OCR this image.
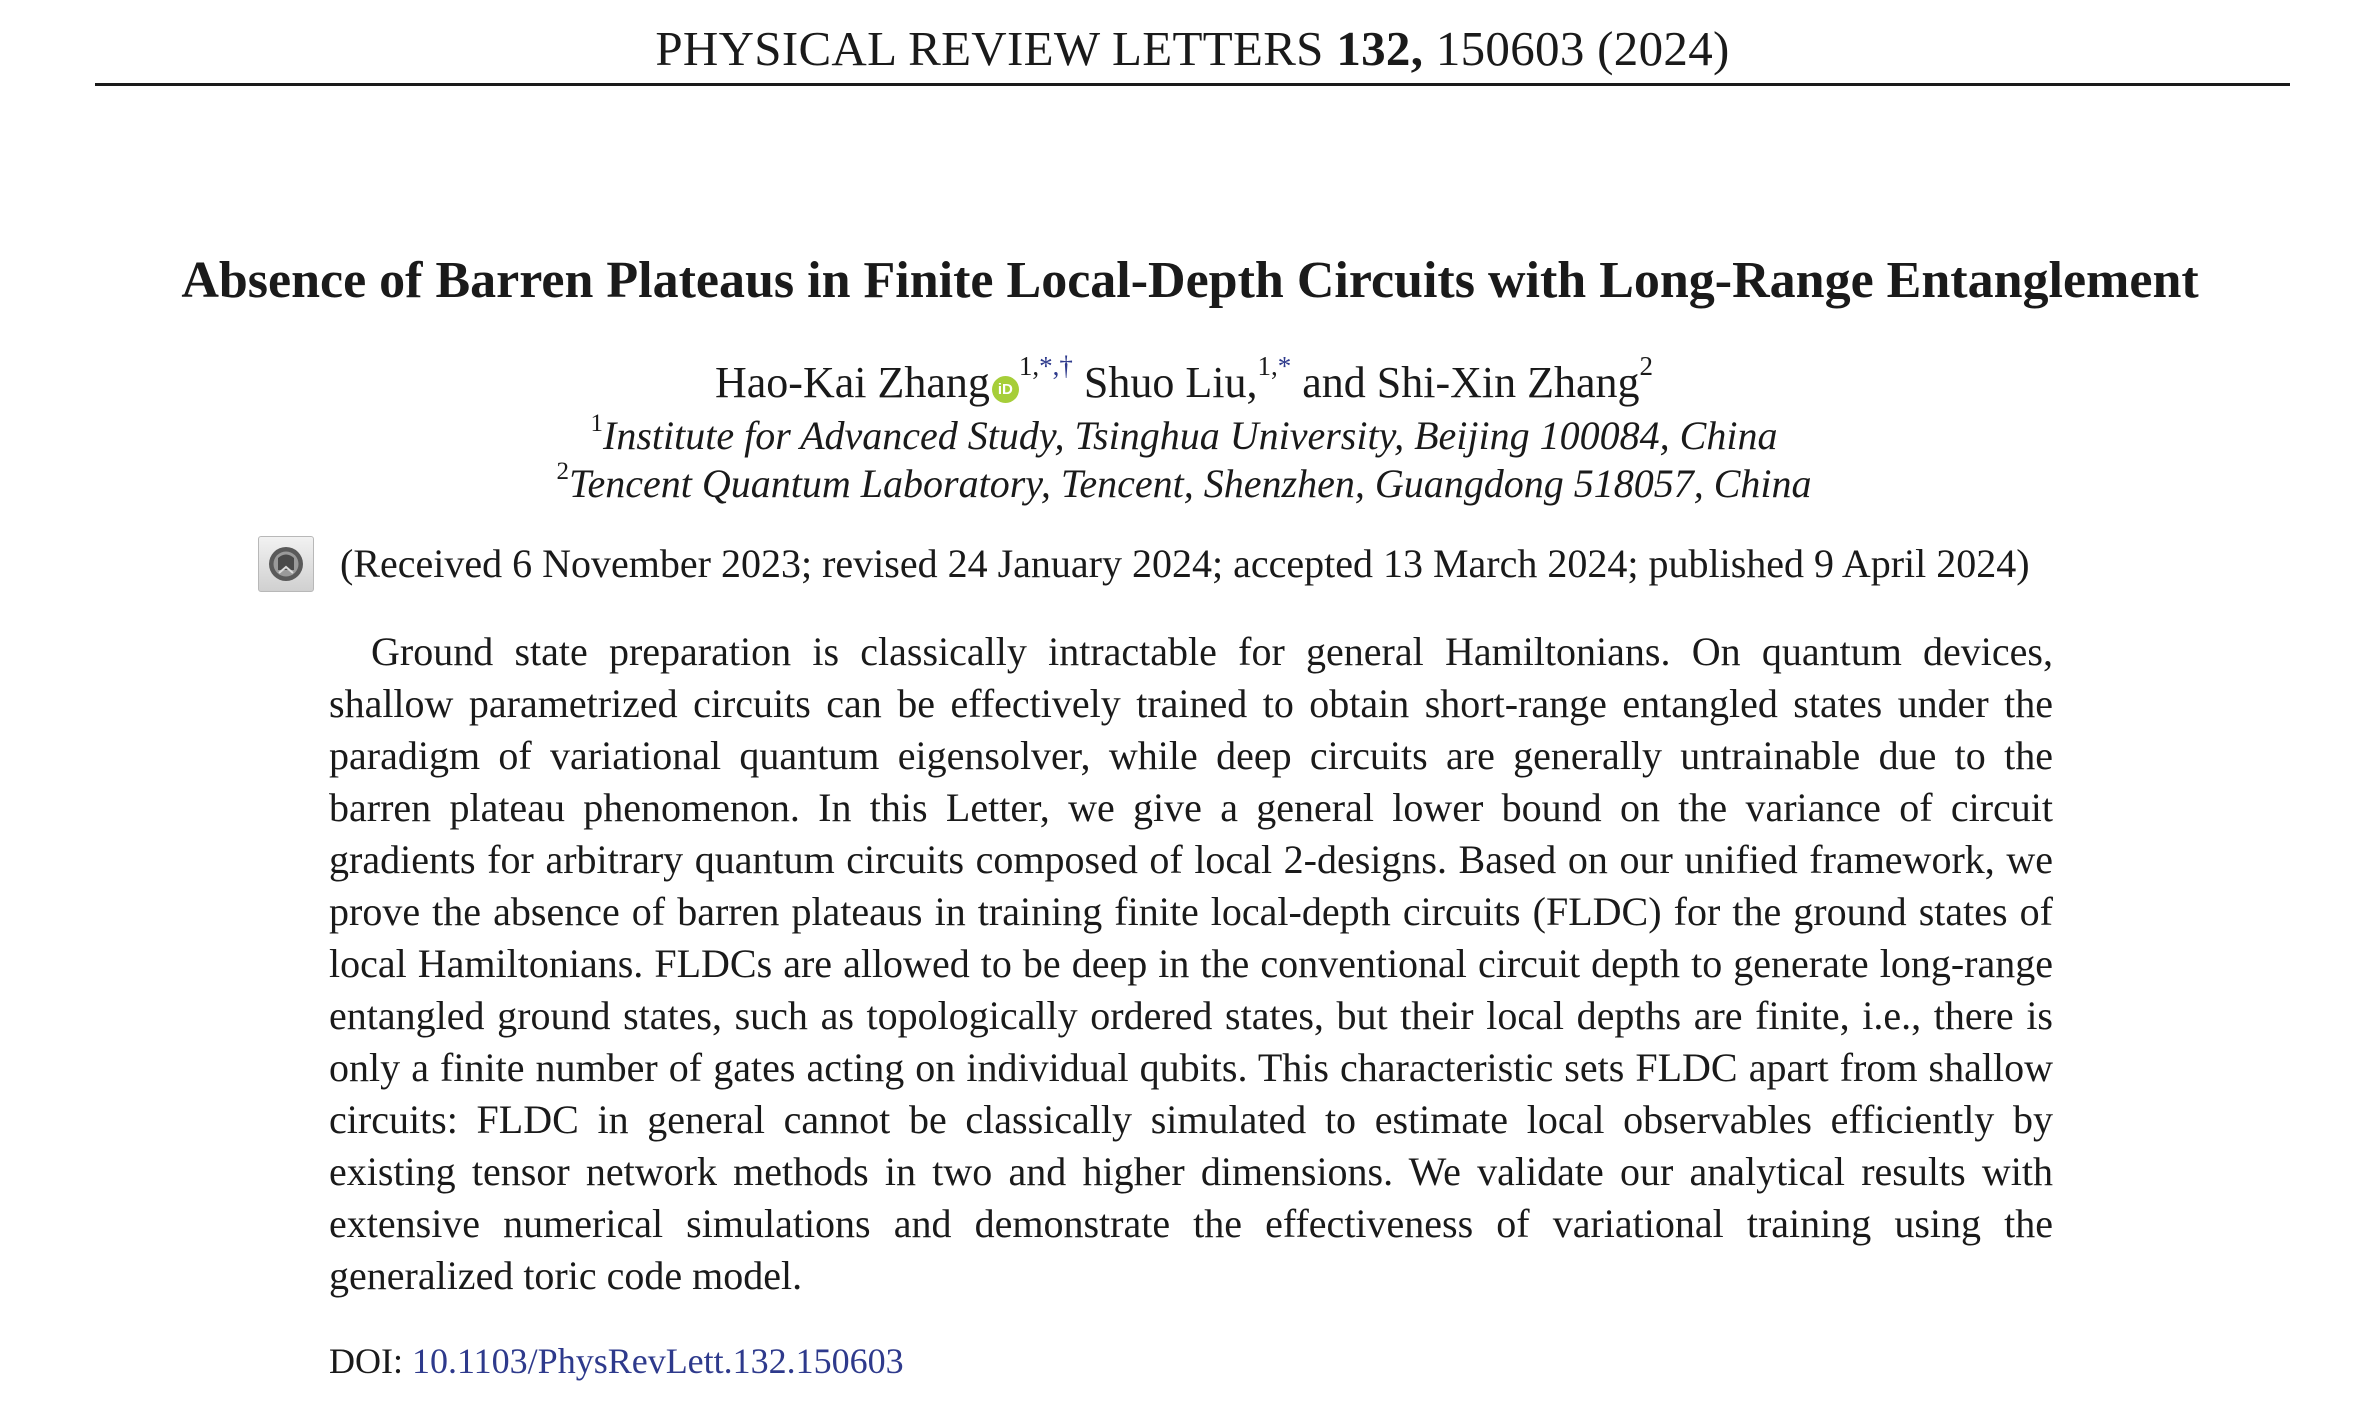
PHYSICAL REVIEW LETTERS 132, 150603 (2024)
Absence of Barren Plateaus in Finite Local-Depth Circuits with Long-Range Entanglement
Hao-Kai Zhang $iD^{1,*,\dagger}$ Shuo Liu,$^{1,*}$ and Shi-Xin Zhang$^2$
$^1$Institute for Advanced Study, Tsinghua University, Beijing 100084, China
$^2$Tencent Quantum Laboratory, Tencent, Shenzhen, Guangdong 518057, China
(Received 6 November 2023; revised 24 January 2024; accepted 13 March 2024; published 9 April 2024)

Ground state preparation is classically intractable for general Hamiltonians. On quantum devices, shallow parametrized circuits can be effectively trained to obtain short-range entangled states under the paradigm of variational quantum eigensolver, while deep circuits are generally untrainable due to the barren plateau phenomenon. In this Letter, we give a general lower bound on the variance of circuit gradients for arbitrary quantum circuits composed of local 2-designs. Based on our unified framework, we prove the absence of barren plateaus in training finite local-depth circuits (FLDC) for the ground states of local Hamiltonians. FLDCs are allowed to be deep in the conventional circuit depth to generate long-range entangled ground states, such as topologically ordered states, but their local depths are finite, i.e., there is only a finite number of gates acting on individual qubits. This characteristic sets FLDC apart from shallow circuits: FLDC in general cannot be classically simulated to estimate local observables efficiently by existing tensor network methods in two and higher dimensions. We validate our analytical results with extensive numerical simulations and demonstrate the effectiveness of variational training using the generalized toric code model.

DOI: 10.1103/PhysRevLett.132.150603
